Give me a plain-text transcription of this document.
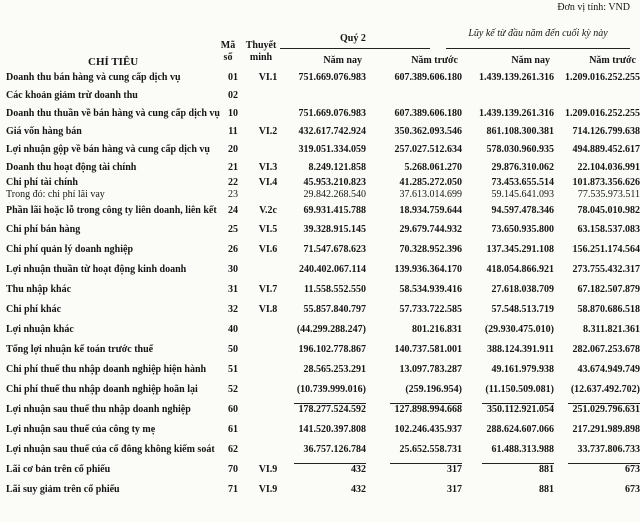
Đơn vị tính: VND
CHỈ TIÊU
Mã số
Thuyết minh
Quý 2	Lũy kế từ đầu năm đến cuối kỳ này
Năm nay	Năm trước	Năm nay	Năm trước
Doanh thu bán hàng và cung cấp dịch vụ	01	VI.1	751.669.076.983	607.389.606.180	1.439.139.261.316	1.209.016.252.255
Các khoản giảm trừ doanh thu	02					
Doanh thu thuần về bán hàng và cung cấp dịch vụ	10		751.669.076.983	607.389.606.180	1.439.139.261.316	1.209.016.252.255
Giá vốn hàng bán	11	VI.2	432.617.742.924	350.362.093.546	861.108.300.381	714.126.799.638
Lợi nhuận gộp về bán hàng và cung cấp dịch vụ	20		319.051.334.059	257.027.512.634	578.030.960.935	494.889.452.617
Doanh thu hoạt động tài chính	21	VI.3	8.249.121.858	5.268.061.270	29.876.310.062	22.104.036.991
Chi phí tài chính	22	VI.4	45.953.210.823	41.285.272.050	73.453.655.514	101.873.356.626
Trong đó: chi phí lãi vay	23		29.842.268.540	37.613.014.699	59.145.641.093	77.535.973.511
Phần lãi hoặc lỗ trong công ty liên doanh, liên kết	24	V.2c	69.931.415.788	18.934.759.644	94.597.478.346	78.045.010.982
Chi phí bán hàng	25	VI.5	39.328.915.145	29.679.744.932	73.650.935.800	63.158.537.083
Chi phí quản lý doanh nghiệp	26	VI.6	71.547.678.623	70.328.952.396	137.345.291.108	156.251.174.564
Lợi nhuận thuần từ hoạt động kinh doanh	30		240.402.067.114	139.936.364.170	418.054.866.921	273.755.432.317
Thu nhập khác	31	VI.7	11.558.552.550	58.534.939.416	27.618.038.709	67.182.507.879
Chi phí khác	32	VI.8	55.857.840.797	57.733.722.585	57.548.513.719	58.870.686.518
Lợi nhuận khác	40		(44.299.288.247)	801.216.831	(29.930.475.010)	8.311.821.361
Tổng lợi nhuận kế toán trước thuế	50		196.102.778.867	140.737.581.001	388.124.391.911	282.067.253.678
Chi phí thuế thu nhập doanh nghiệp hiện hành	51		28.565.253.291	13.097.783.287	49.161.979.938	43.674.949.749
Chi phí thuế thu nhập doanh nghiệp hoãn lại	52		(10.739.999.016)	(259.196.954)	(11.150.509.081)	(12.637.492.702)
Lợi nhuận sau thuế thu nhập doanh nghiệp	60		178.277.524.592	127.898.994.668	350.112.921.054	251.029.796.631
Lợi nhuận sau thuế của công ty mẹ	61		141.520.397.808	102.246.435.937	288.624.607.066	217.291.989.898
Lợi nhuận sau thuế của cổ đông không kiểm soát	62		36.757.126.784	25.652.558.731	61.488.313.988	33.737.806.733
Lãi cơ bản trên cổ phiếu	70	VI.9	432	317	881	673
Lãi suy giảm trên cổ phiếu	71	VI.9	432	317	881	673
